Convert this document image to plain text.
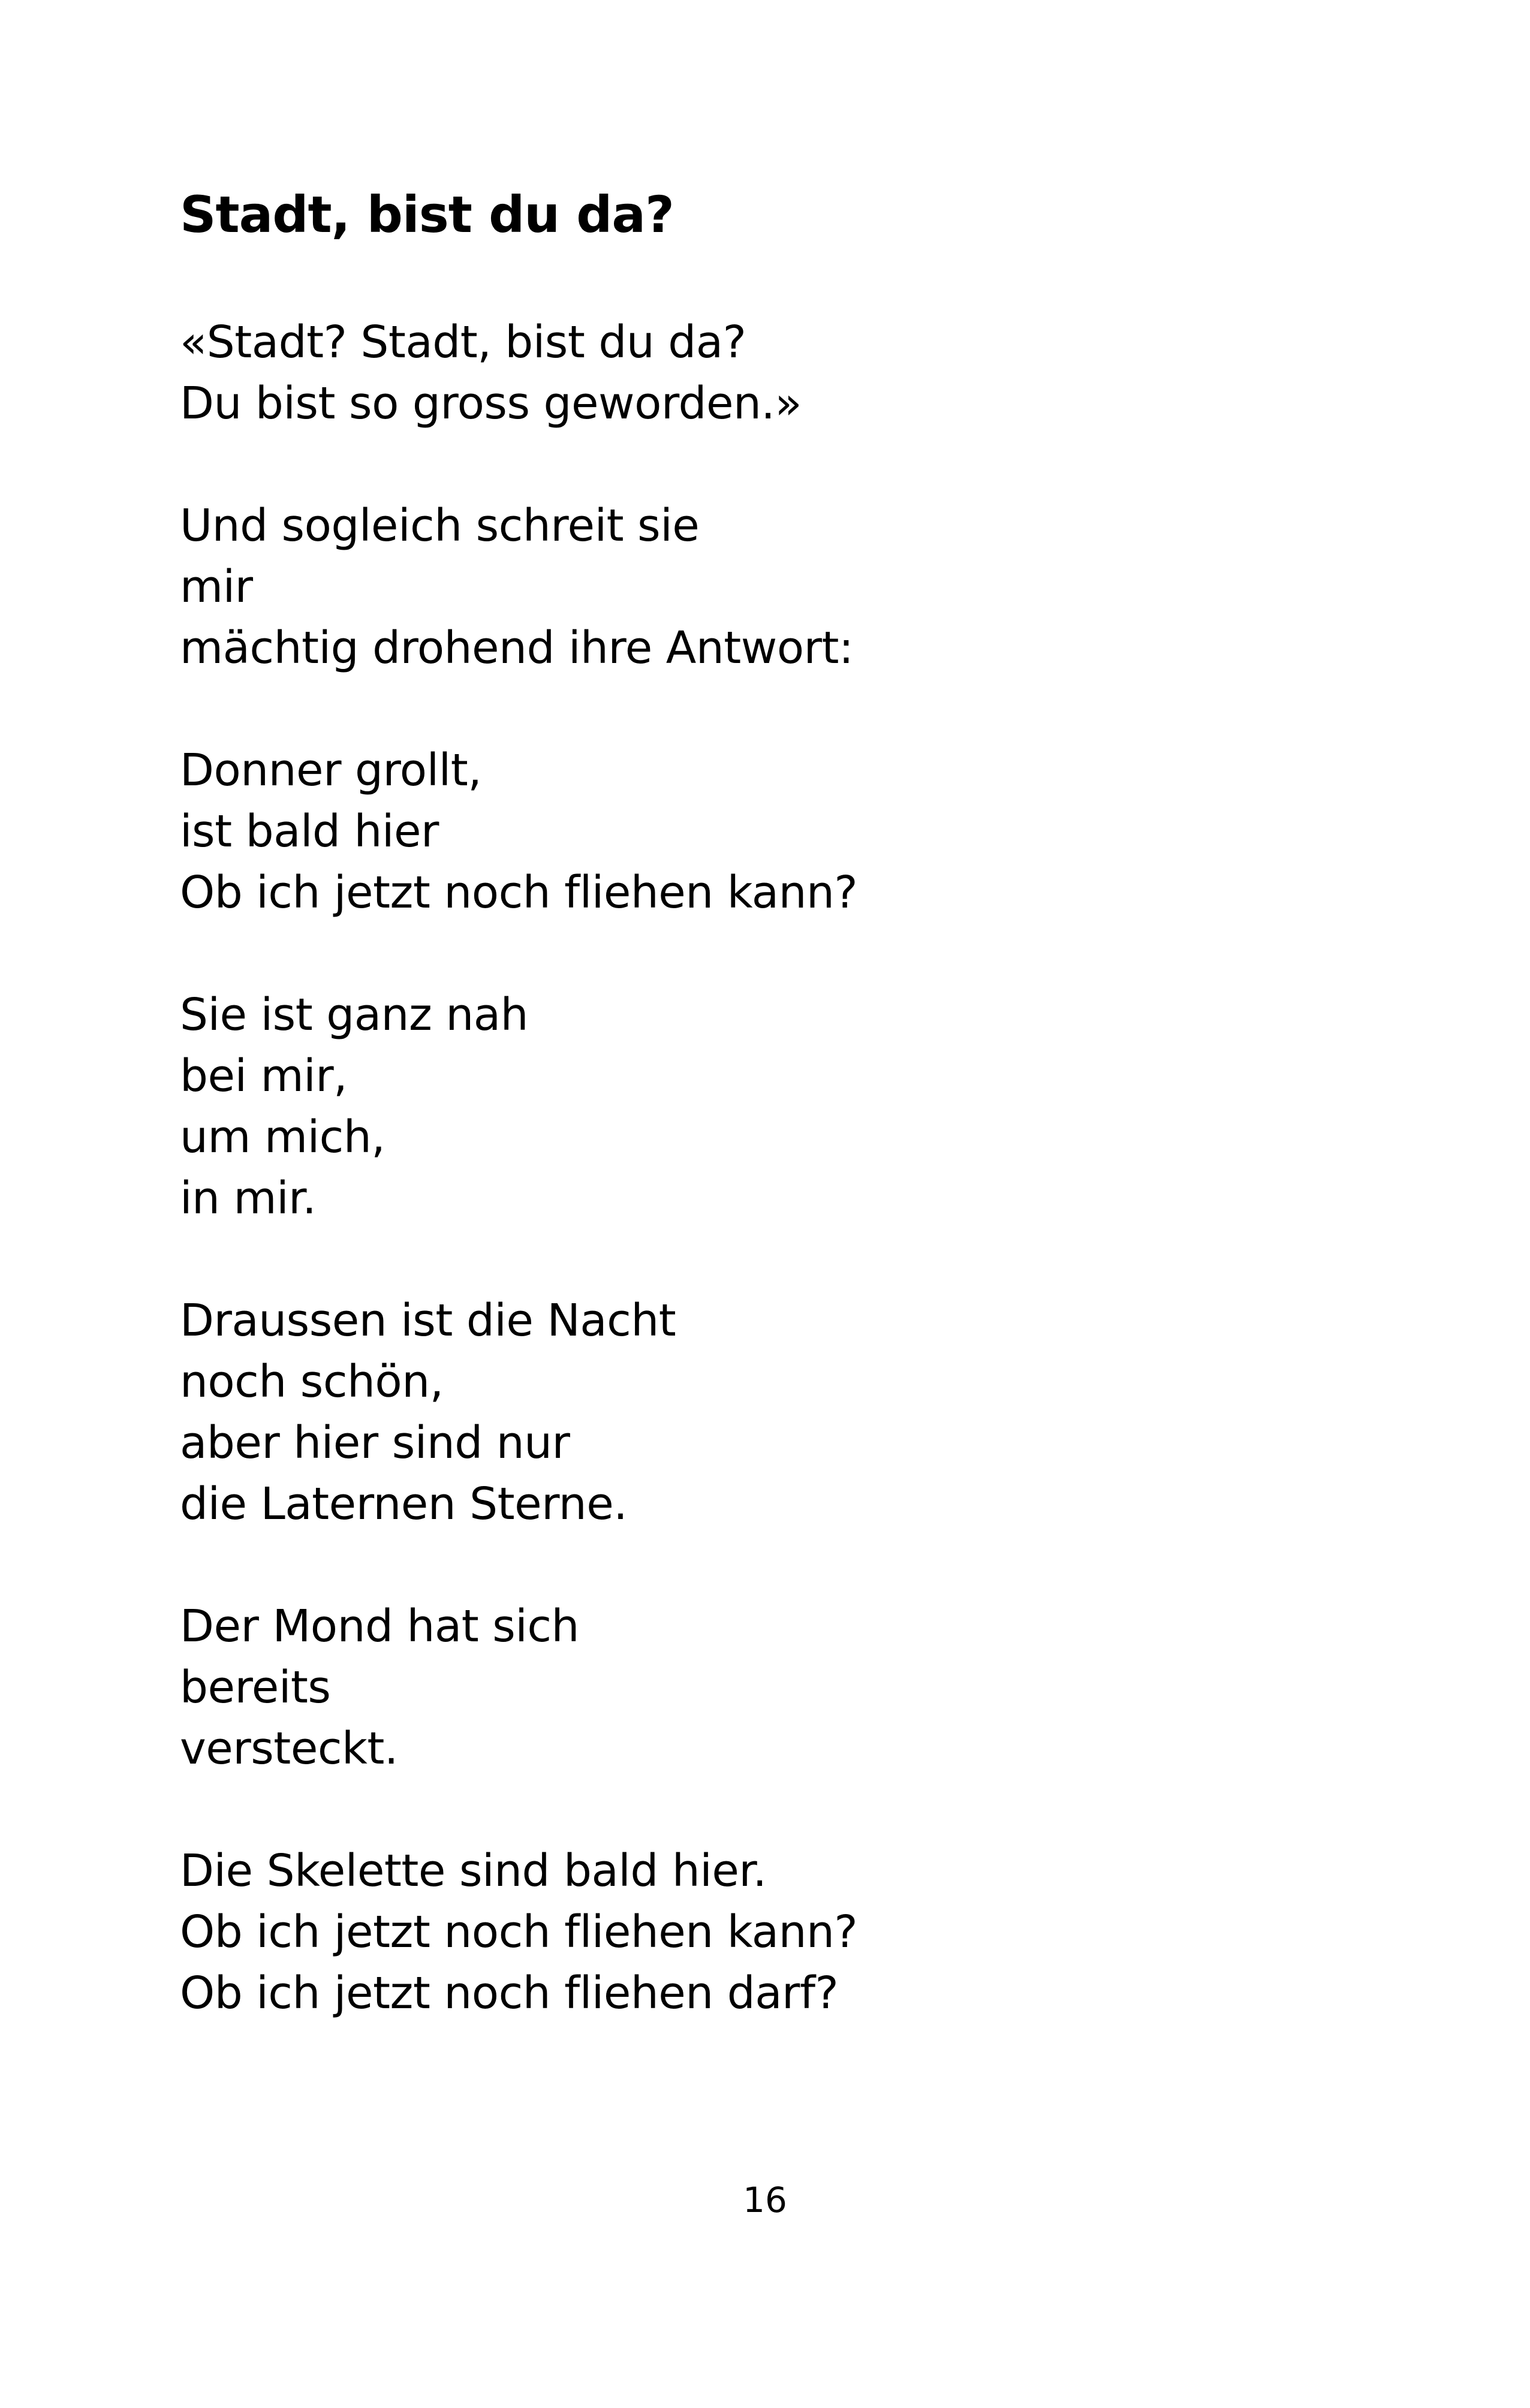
Stadt, bist du da?
«Stadt? Stadt, bist du da?
Du bist so gross geworden.»
Und sogleich schreit sie
mir
mächtig drohend ihre Antwort:
Donner grollt,
ist bald hier
Ob ich jetzt noch fliehen kann?
Sie ist ganz nah
bei mir,
um mich,
in mir.
Draussen ist die Nacht
noch schön,
aber hier sind nur
die Laternen Sterne.
Der Mond hat sich
bereits
versteckt.
Die Skelette sind bald hier.
Ob ich jetzt noch fliehen kann?
Ob ich jetzt noch fliehen darf?
16
